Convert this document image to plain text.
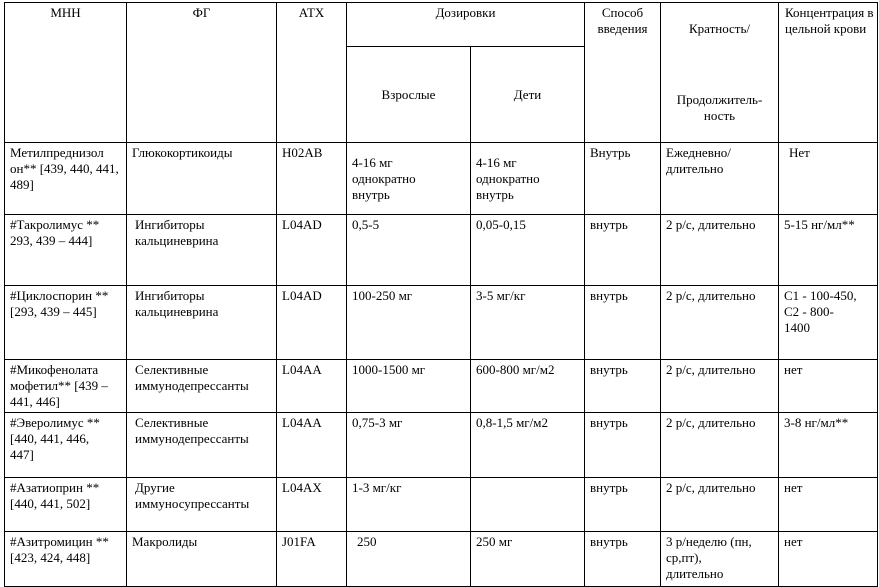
МНН	ФГ	АТХ	Дозировки		Способ
введения	Кратность/

Продолжитель-
ность	Концентрация в цельной крови
			Взрослые	Дети			
Метилпреднизол он** [439, 440, 441, 489]	Глюкокортикоиды	H02AB	4-16 мг
однократно
внутрь	4-16 мг
однократно
внутрь	Внутрь	Ежедневно/
длительно	Нет
#Такролимус **
293, 439 – 444]	Ингибиторы
кальциневрина	L04AD	0,5-5	0,05-0,15	внутрь	2 р/с, длительно	5-15 нг/мл**
#Циклоспорин **
[293, 439 – 445]	Ингибиторы
кальциневрина	L04AD	100-250 мг	3-5 мг/кг	внутрь	2 р/с, длительно	C1 - 100-450,
C2 - 800-
1400
#Микофенолата мофетил** [439 – 441, 446]	Селективные
иммунодепрессанты	L04AA	1000-1500 мг	600-800 мг/м2	внутрь	2 р/с, длительно	нет
#Эверолимус **
[440, 441, 446,
447]	Селективные
иммунодепрессанты	L04AA	0,75-3 мг	0,8-1,5 мг/м2	внутрь	2 р/с, длительно	3-8 нг/мл**
#Азатиоприн **
[440, 441, 502]	Другие
иммуносупрессанты	L04AX	1-3 мг/кг		внутрь	2 р/с, длительно	нет
#Азитромицин **
[423, 424, 448]	Макролиды	J01FA	250	250 мг	внутрь	3 р/неделю (пн,
ср,пт),
длительно	нет
